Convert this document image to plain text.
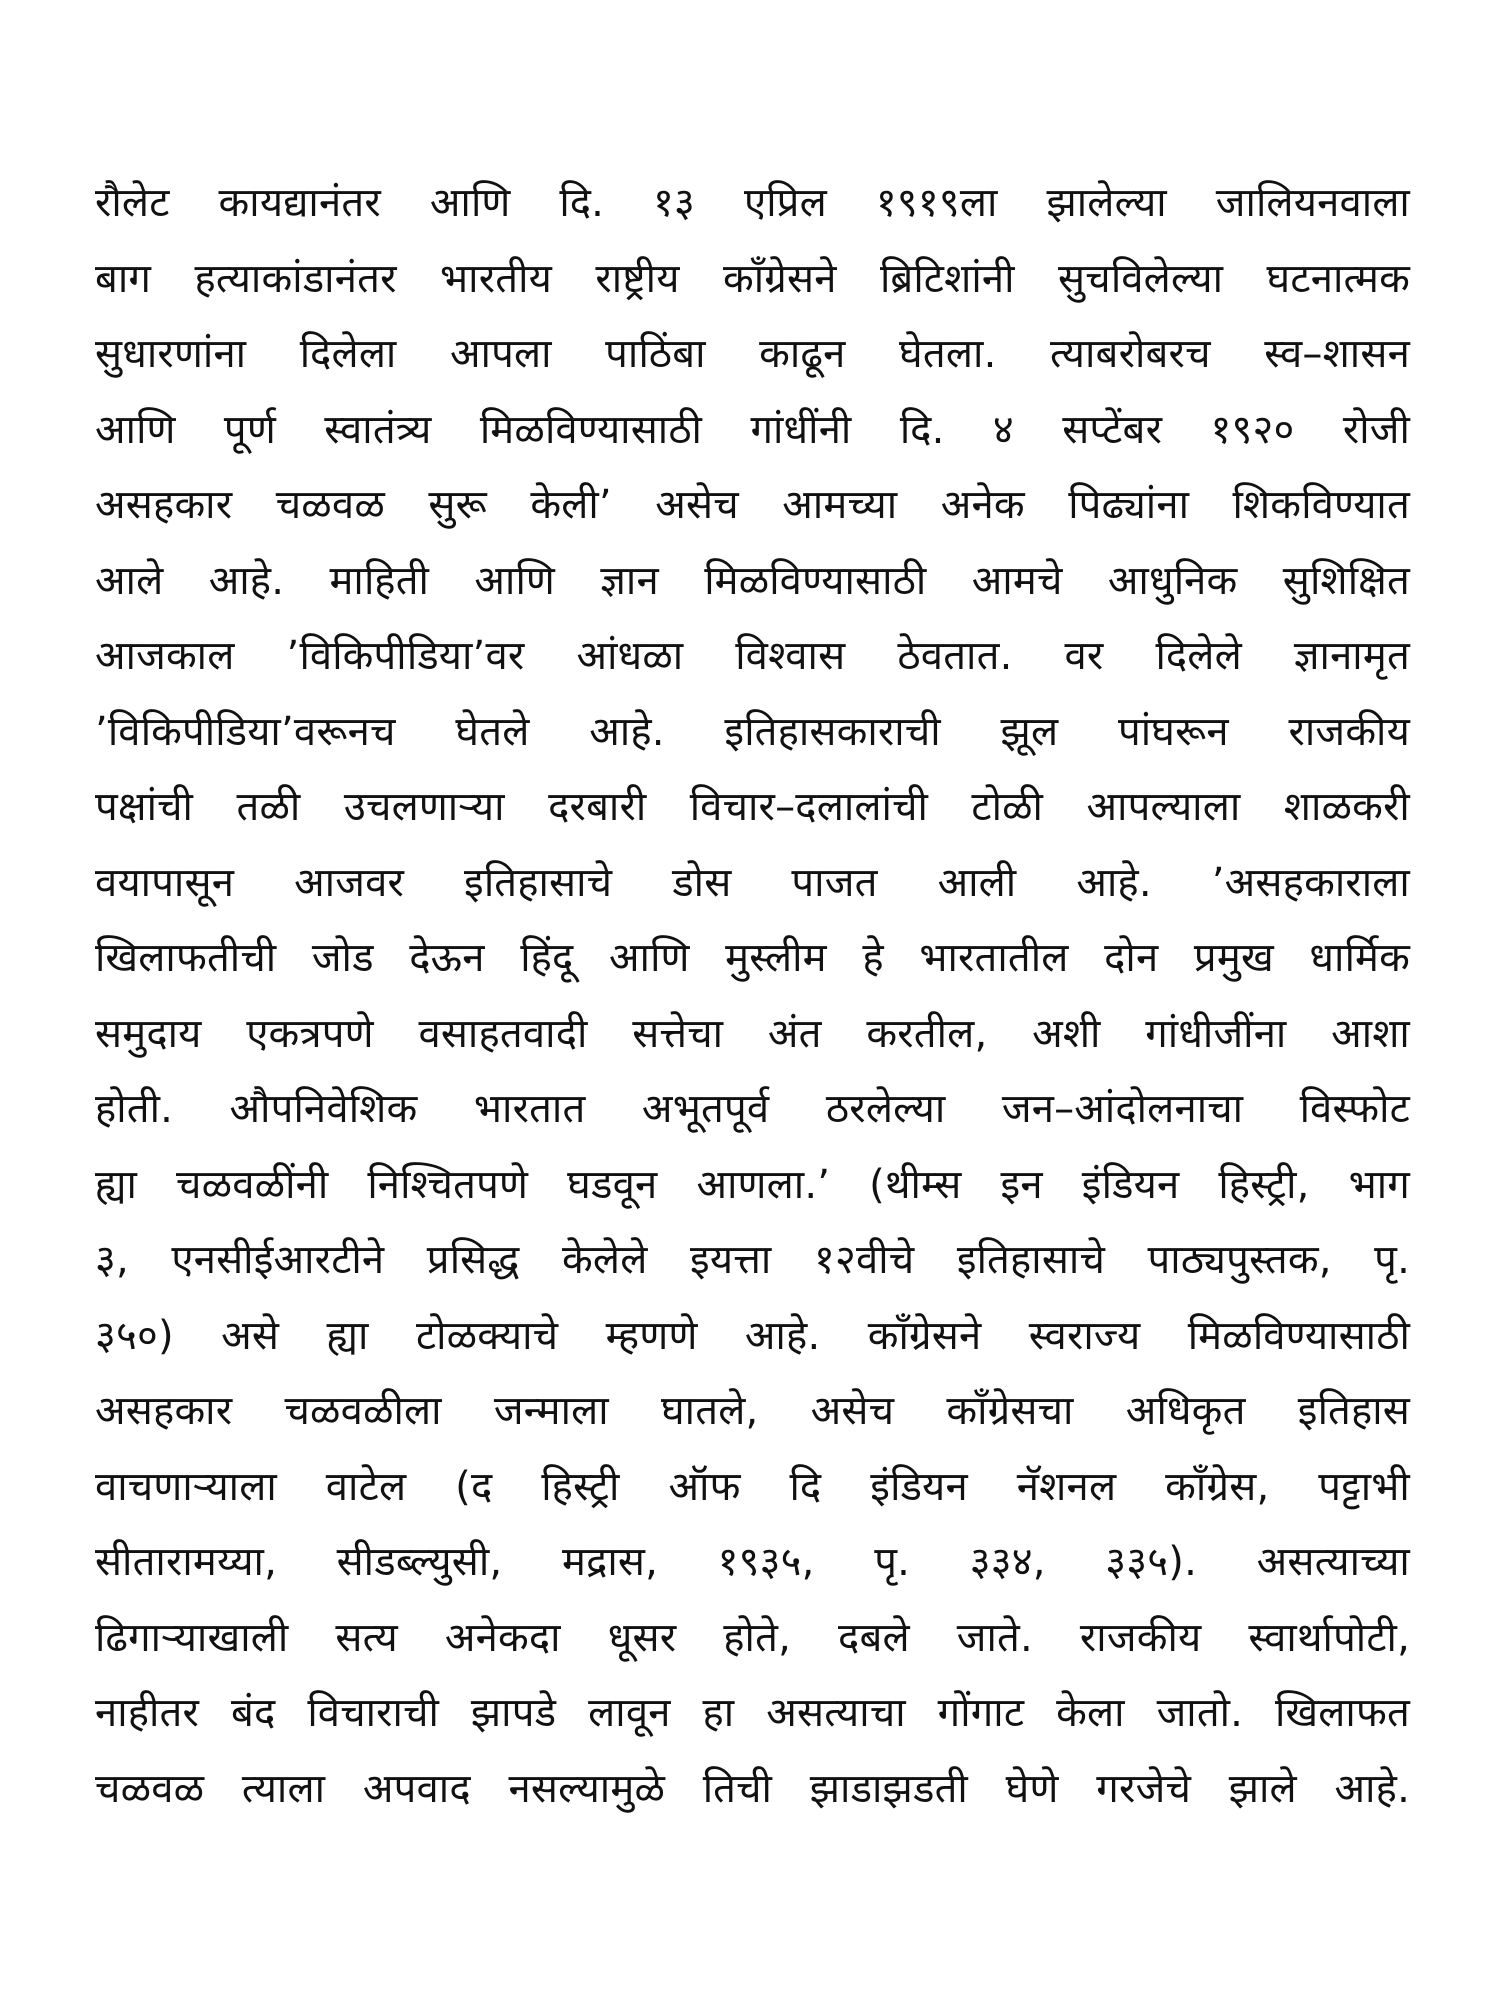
रौलेट कायद्यानंतर आणि दि. १३ एप्रिल १९१९ला झालेल्या जालियनवाला
बाग हत्याकांडानंतर भारतीय राष्ट्रीय काँग्रेसने ब्रिटिशांनी सुचविलेल्या घटनात्मक
सुधारणांना दिलेला आपला पाठिंबा काढून घेतला. त्याबरोबरच स्व–शासन
आणि पूर्ण स्वातंत्र्य मिळविण्यासाठी गांधींनी दि. ४ सप्टेंबर १९२० रोजी
असहकार चळवळ सुरू केली’ असेच आमच्या अनेक पिढ्यांना शिकविण्यात
आले आहे. माहिती आणि ज्ञान मिळविण्यासाठी आमचे आधुनिक सुशिक्षित
आजकाल ’विकिपीडिया’वर आंधळा विश्वास ठेवतात. वर दिलेले ज्ञानामृत
’विकिपीडिया’वरूनच घेतले आहे. इतिहासकाराची झूल पांघरून राजकीय
पक्षांची तळी उचलणाऱ्या दरबारी विचार–दलालांची टोळी आपल्याला शाळकरी
वयापासून आजवर इतिहासाचे डोस पाजत आली आहे. ’असहकाराला
खिलाफतीची जोड देऊन हिंदू आणि मुस्लीम हे भारतातील दोन प्रमुख धार्मिक
समुदाय एकत्रपणे वसाहतवादी सत्तेचा अंत करतील, अशी गांधीजींना आशा
होती. औपनिवेशिक भारतात अभूतपूर्व ठरलेल्या जन–आंदोलनाचा विस्फोट
ह्या चळवळींनी निश्चितपणे घडवून आणला.’ (थीम्स इन इंडियन हिस्ट्री, भाग
३, एनसीईआरटीने प्रसिद्ध केलेले इयत्ता १२वीचे इतिहासाचे पाठ्यपुस्तक, पृ.
३५०) असे ह्या टोळक्याचे म्हणणे आहे. काँग्रेसने स्वराज्य मिळविण्यासाठी
असहकार चळवळीला जन्माला घातले, असेच काँग्रेसचा अधिकृत इतिहास
वाचणाऱ्याला वाटेल (द हिस्ट्री ऑफ दि इंडियन नॅशनल काँग्रेस, पट्टाभी
सीतारामय्या, सीडब्ल्युसी, मद्रास, १९३५, पृ. ३३४, ३३५). असत्याच्या
ढिगाऱ्याखाली सत्य अनेकदा धूसर होते, दबले जाते. राजकीय स्वार्थापोटी,
नाहीतर बंद विचाराची झापडे लावून हा असत्याचा गोंगाट केला जातो. खिलाफत
चळवळ त्याला अपवाद नसल्यामुळे तिची झाडाझडती घेणे गरजेचे झाले आहे.
